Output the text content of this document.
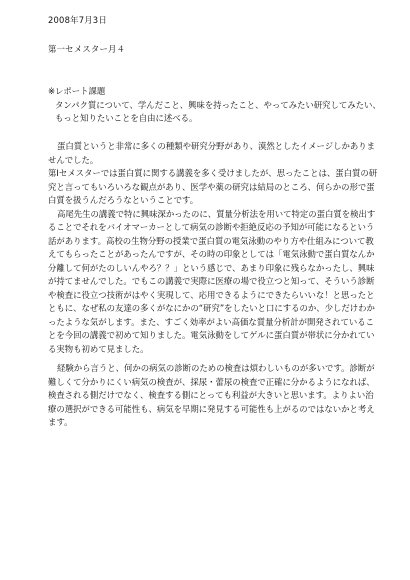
2008年7月3日
第一セメスター月４
※レポート課題
タンパク質について、学んだこと、興味を持ったこと、やってみたい研究してみたい、
もっと知りたいことを自由に述べる。

蛋白質というと非常に多くの種類や研究分野があり、漠然としたイメージしかありませんでした。

第Ⅰセメスターでは蛋白質に関する講義を多く受けましたが、思ったことは、蛋白質の研究と言ってもいろいろな観点があり、医学や薬の研究は結局のところ、何らかの形で蛋白質を扱うんだろうなということです。

高尾先生の講義で特に興味深かったのに、質量分析法を用いて特定の蛋白質を検出することでそれをバイオマーカーとして病気の診断や拒絶反応の予知が可能になるという話があります。高校の生物分野の授業で蛋白質の電気泳動のやり方や仕組みについて教えてもらったことがあったんですが、その時の印象としては「電気泳動で蛋白質なんか分離して何がたのしいんやろ？？」という感じで、あまり印象に残らなかったし、興味が持てませんでした。でもこの講義で実際に医療の場で役立つと知って、そういう診断や検査に役立つ技術がはやく実現して、応用できるようにできたらいいな！と思ったとともに、なぜ私の友達の多くがなにかの“研究”をしたいと口にするのか、少しだけわかったような気がします。また、すごく効率がよい高価な質量分析計が開発されていることを今回の講義で初めて知りました。電気泳動をしてゲルに蛋白質が帯状に分かれている実物も初めて見ました。

経験から言うと、何かの病気の診断のための検査は煩わしいものが多いです。診断が難しくて分かりにくい病気の検査が、採尿・蕾尿の検査で正確に分かるようになれば、検査される側だけでなく、検査する側にとっても利益が大きいと思います。よりよい治療の選択ができる可能性も、病気を早期に発見する可能性も上がるのではないかと考えます。
